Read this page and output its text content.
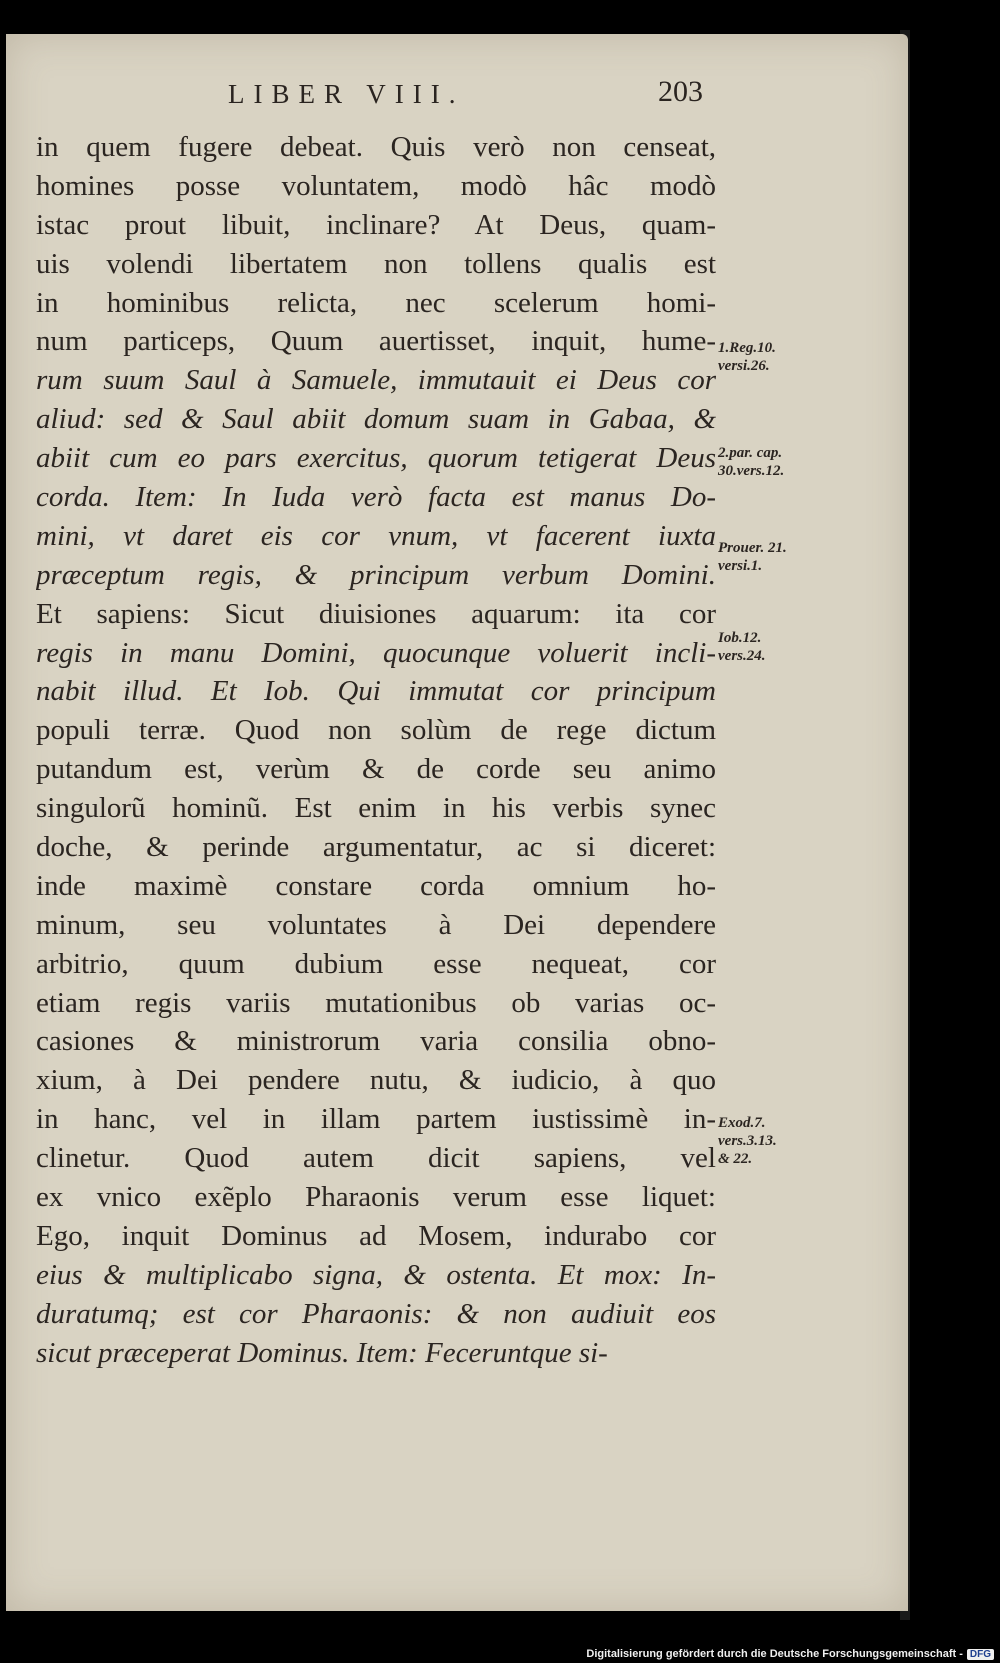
LIBER VIII.	203
in quem fugere debeat. Quis verò non censeat,
homines posse voluntatem, modò hâc modò
istac prout libuit, inclinare? At Deus, quam-
uis volendi libertatem non tollens qualis est
in hominibus relicta, nec scelerum homi-
num particeps, Quum auertisset, inquit, hume-
rum suum Saul à Samuele, immutauit ei Deus cor
aliud: sed & Saul abiit domum suam in Gabaa, &
abiit cum eo pars exercitus, quorum tetigerat Deus
corda. Item: In Iuda verò facta est manus Do-
mini, vt daret eis cor vnum, vt facerent iuxta
præceptum regis, & principum verbum Domini.
Et sapiens: Sicut diuisiones aquarum: ita cor
regis in manu Domini, quocunque voluerit incli-
nabit illud. Et Iob. Qui immutat cor principum
populi terræ. Quod non solùm de rege dictum
putandum est, verùm & de corde seu animo
singulorũ hominũ. Est enim in his verbis synec
doche, & perinde argumentatur, ac si diceret:
inde maximè constare corda omnium ho-
minum, seu voluntates à Dei dependere
arbitrio, quum dubium esse nequeat, cor
etiam regis variis mutationibus ob varias oc-
casiones & ministrorum varia consilia obno-
xium, à Dei pendere nutu, & iudicio, à quo
in hanc, vel in illam partem iustissimè in-
clinetur. Quod autem dicit sapiens, vel
ex vnico exẽplo Pharaonis verum esse liquet:
Ego, inquit Dominus ad Mosem, indurabo cor
eius & multiplicabo signa, & ostenta. Et mox: In-
duratumq; est cor Pharaonis: & non audiuit eos
sicut præceperat Dominus. Item: Feceruntque si-
1.Reg.10.
versi.26.
2.par. cap.
30.vers.12.
Prouer. 21.
versi.1.
Iob.12.
vers.24.
Exod.7.
vers.3.13.
& 22.
Digitalisierung gefördert durch die Deutsche Forschungsgemeinschaft - DFG
